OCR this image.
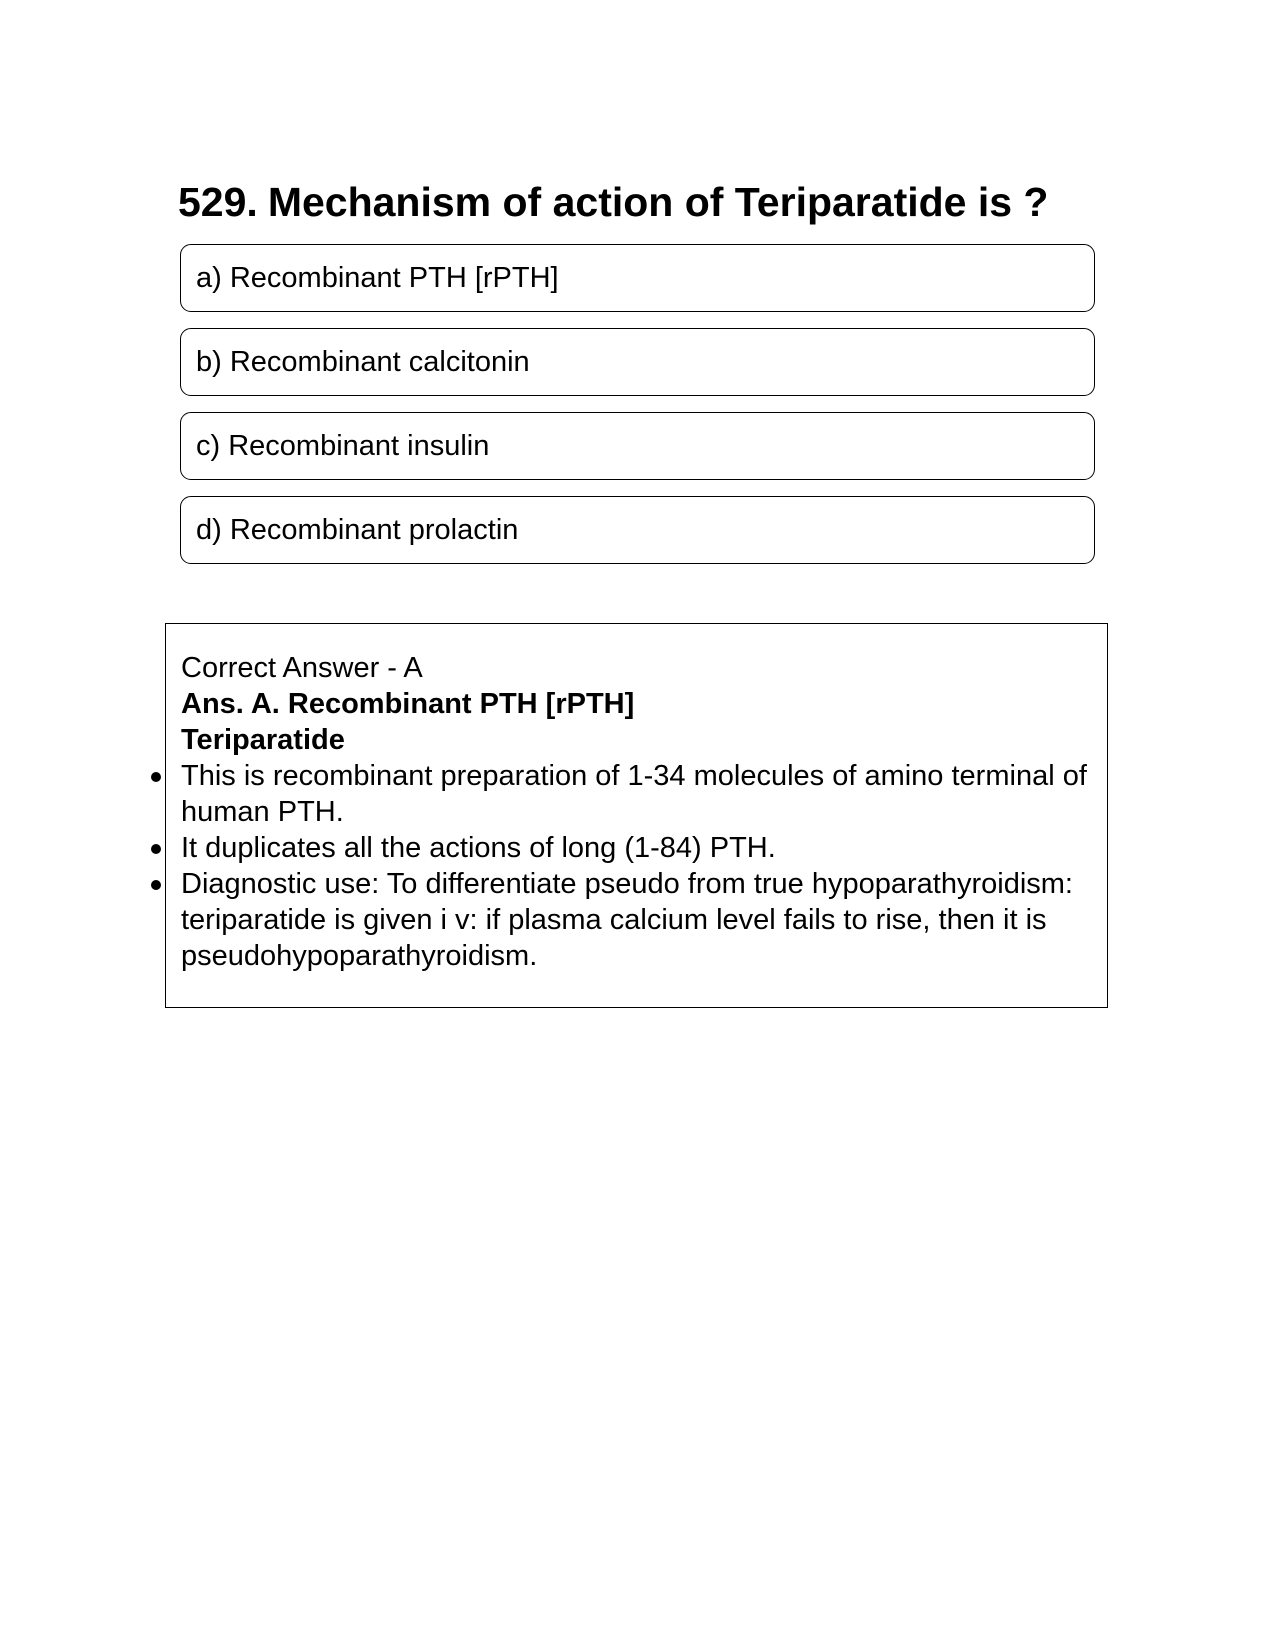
529. Mechanism of action of Teriparatide is ?
a) Recombinant PTH [rPTH]
b) Recombinant calcitonin
c) Recombinant insulin
d) Recombinant prolactin
Correct Answer - A
Ans. A. Recombinant PTH [rPTH]
Teriparatide
This is recombinant preparation of 1-34 molecules of amino terminal of human PTH.
It duplicates all the actions of long (1-84) PTH.
Diagnostic use: To differentiate pseudo from true hypoparathyroidism: teriparatide is given i v: if plasma calcium level fails to rise, then it is pseudohypoparathyroidism.
